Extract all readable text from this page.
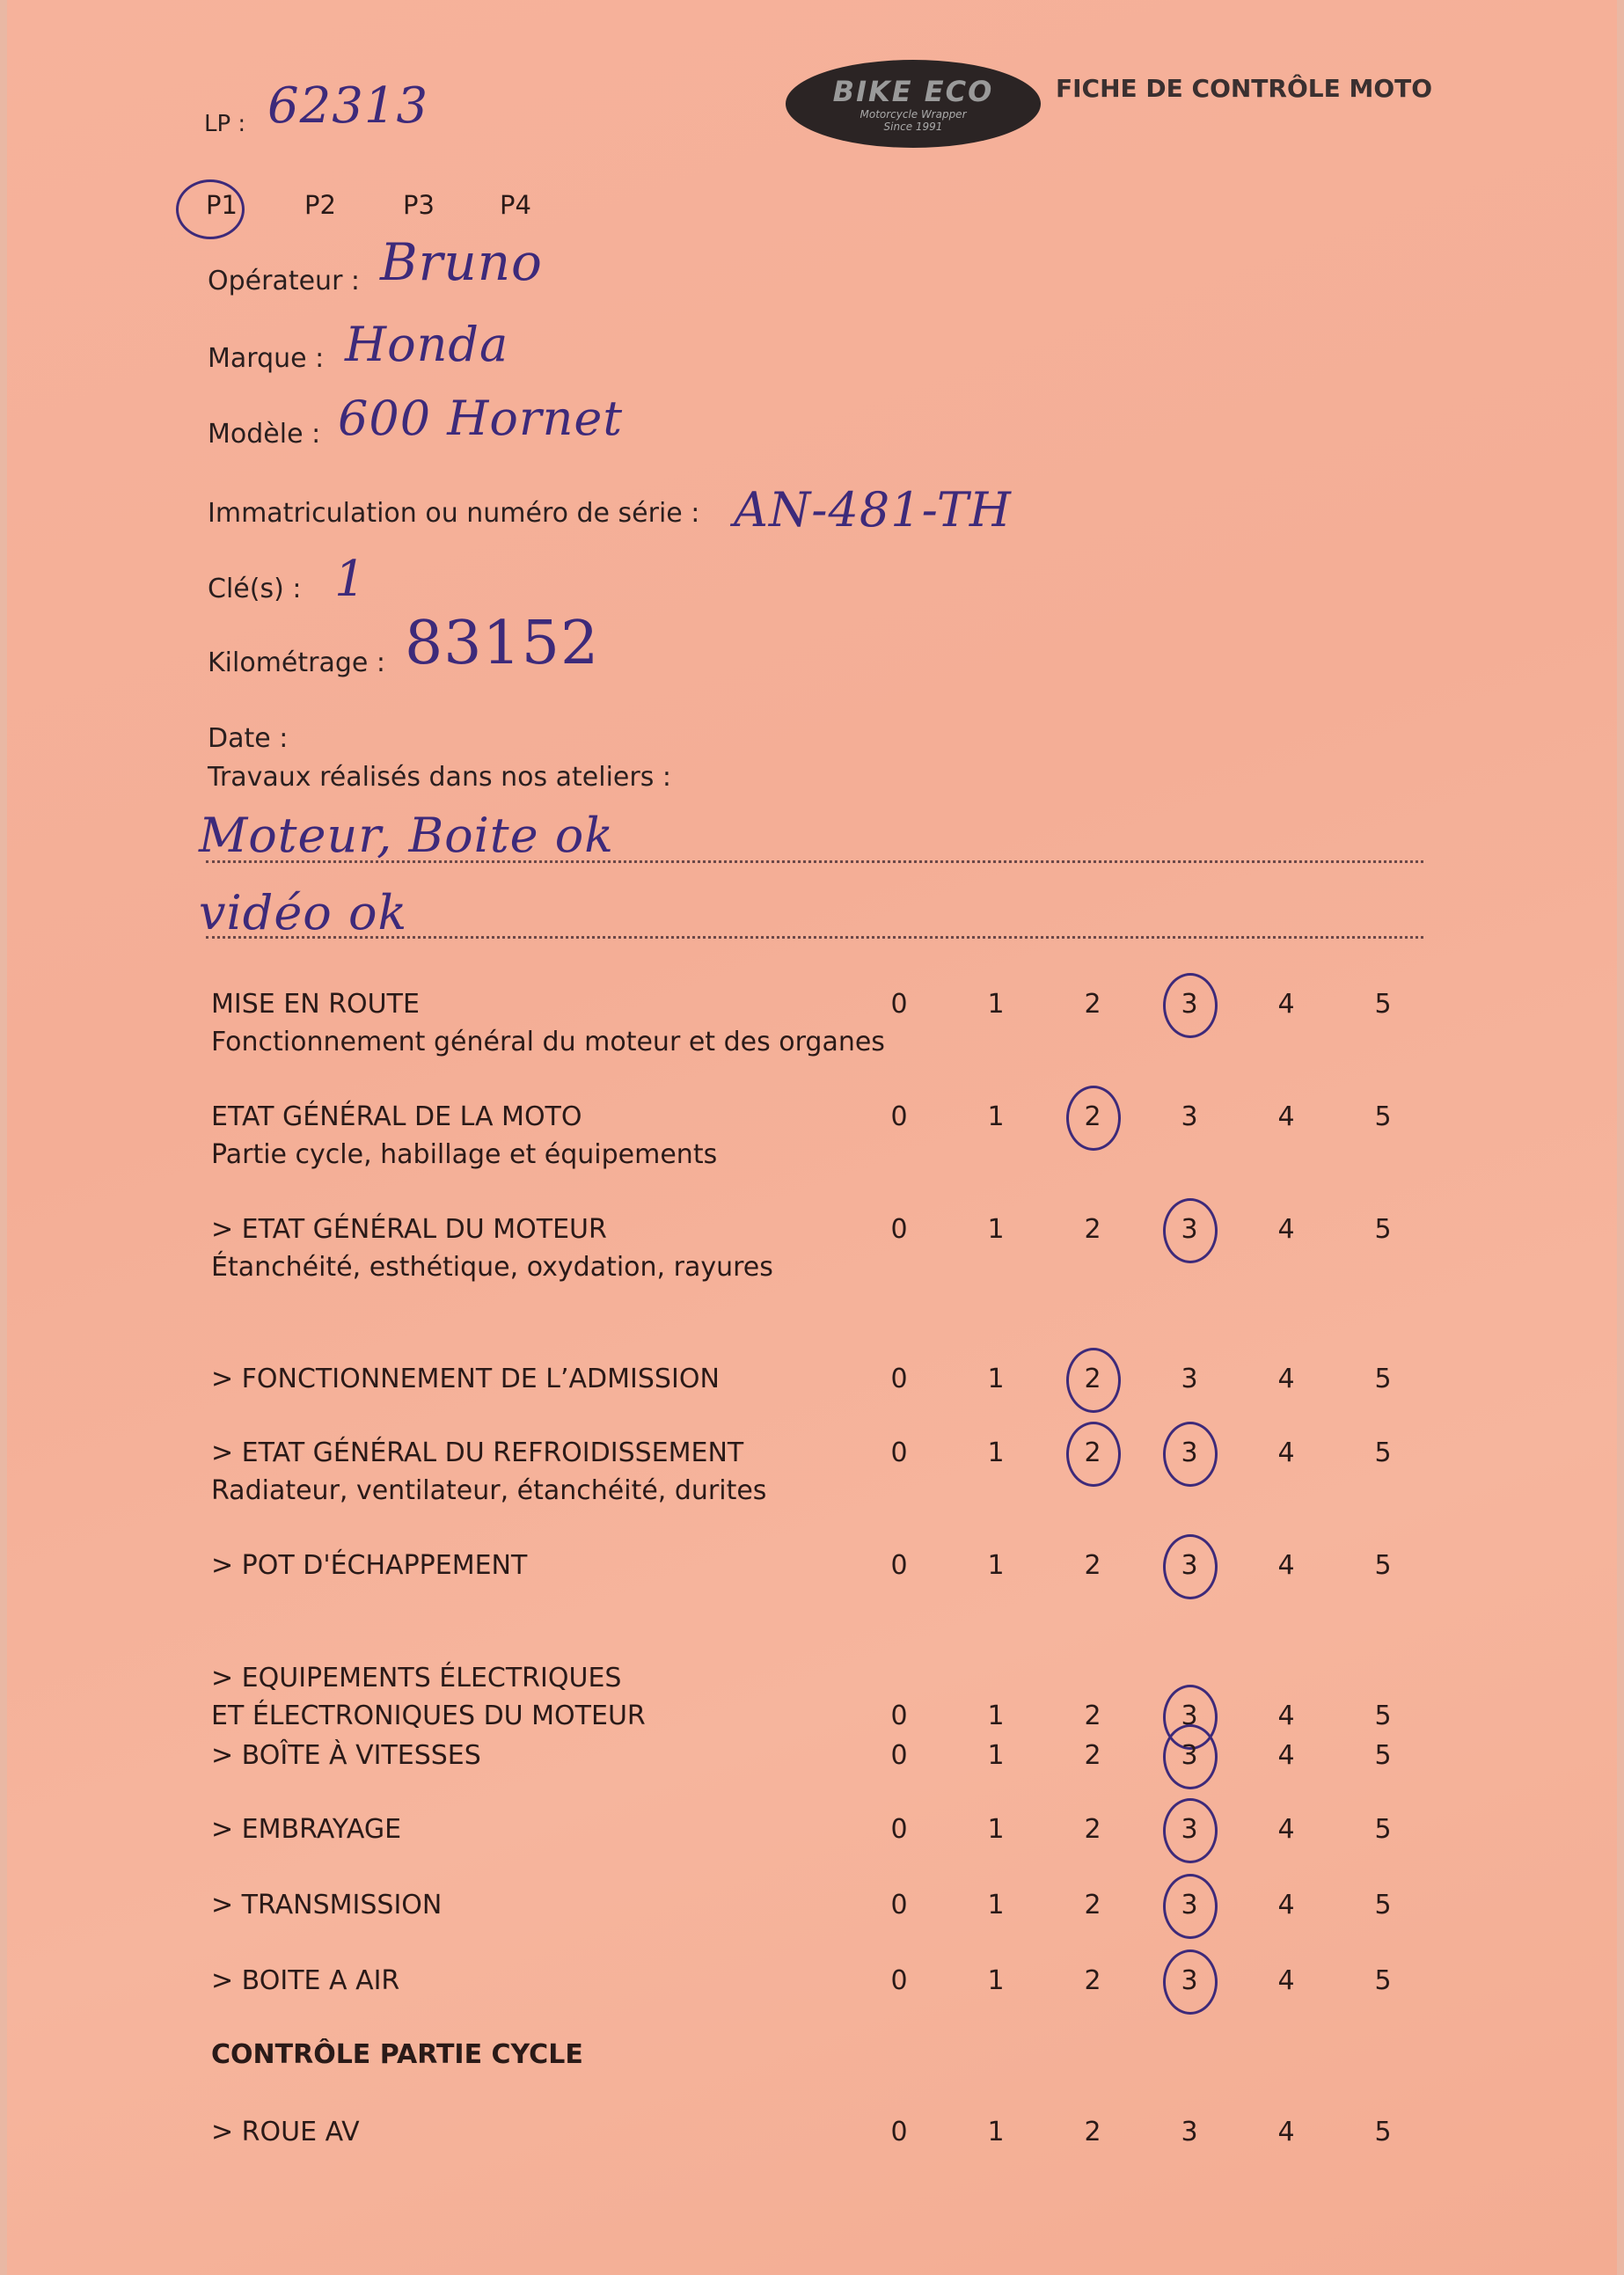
LP : 62313	BIKE ECO
Motorcycle Wrapper
Since 1991
FICHE DE CONTRÔLE MOTO
P1	P2	P3	P4
Opérateur : Bruno
Marque : Honda
Modèle : 600 Hornet
Immatriculation ou numéro de série : AN-481-TH
Clé(s) : 1
Kilométrage : 83152
Date :
Travaux réalisés dans nos ateliers :
Moteur, Boite ok
vidéo ok
MISE EN ROUTE
Fonctionnement général du moteur et des organes
0	1	2	3	4	5
ETAT GÉNÉRAL DE LA MOTO
Partie cycle, habillage et équipements
0	1	2	3	4	5
> ETAT GÉNÉRAL DU MOTEUR
Étanchéité, esthétique, oxydation, rayures
0	1	2	3	4	5
> FONCTIONNEMENT DE L’ADMISSION	0	1	2	3	4	5
> ETAT GÉNÉRAL DU REFROIDISSEMENT
Radiateur, ventilateur, étanchéité, durites
0	1	2	3	4	5
> POT D'ÉCHAPPEMENT	0	1	2	3	4	5
> EQUIPEMENTS ÉLECTRIQUES
ET ÉLECTRONIQUES DU MOTEUR	0	1	2	3	4	5
> BOÎTE À VITESSES	0	1	2	3	4	5
> EMBRAYAGE	0	1	2	3	4	5
> TRANSMISSION	0	1	2	3	4	5
> BOITE A AIR	0	1	2	3	4	5
CONTRÔLE PARTIE CYCLE
> ROUE AV	0	1	2	3	4	5
